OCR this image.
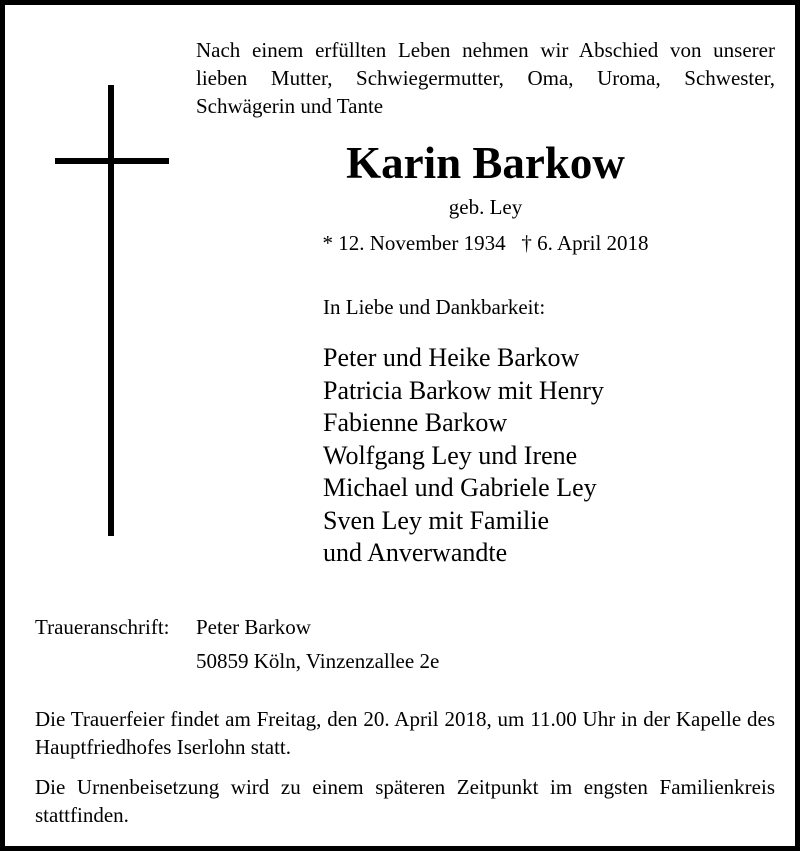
Nach einem erfüllten Leben nehmen wir Abschied von unserer lieben Mutter, Schwiegermutter, Oma, Uroma, Schwester, Schwägerin und Tante
Karin Barkow
geb. Ley
* 12. November 1934 † 6. April 2018
In Liebe und Dankbarkeit:
Peter und Heike Barkow
Patricia Barkow mit Henry
Fabienne Barkow
Wolfgang Ley und Irene
Michael und Gabriele Ley
Sven Ley mit Familie
und Anverwandte
Traueranschrift: Peter Barkow
50859 Köln, Vinzenzallee 2e

Die Trauerfeier findet am Freitag, den 20. April 2018, um 11.00 Uhr in der Kapelle des Hauptfriedhofes Iserlohn statt.

Die Urnenbeisetzung wird zu einem späteren Zeitpunkt im engsten Familienkreis stattfinden.
